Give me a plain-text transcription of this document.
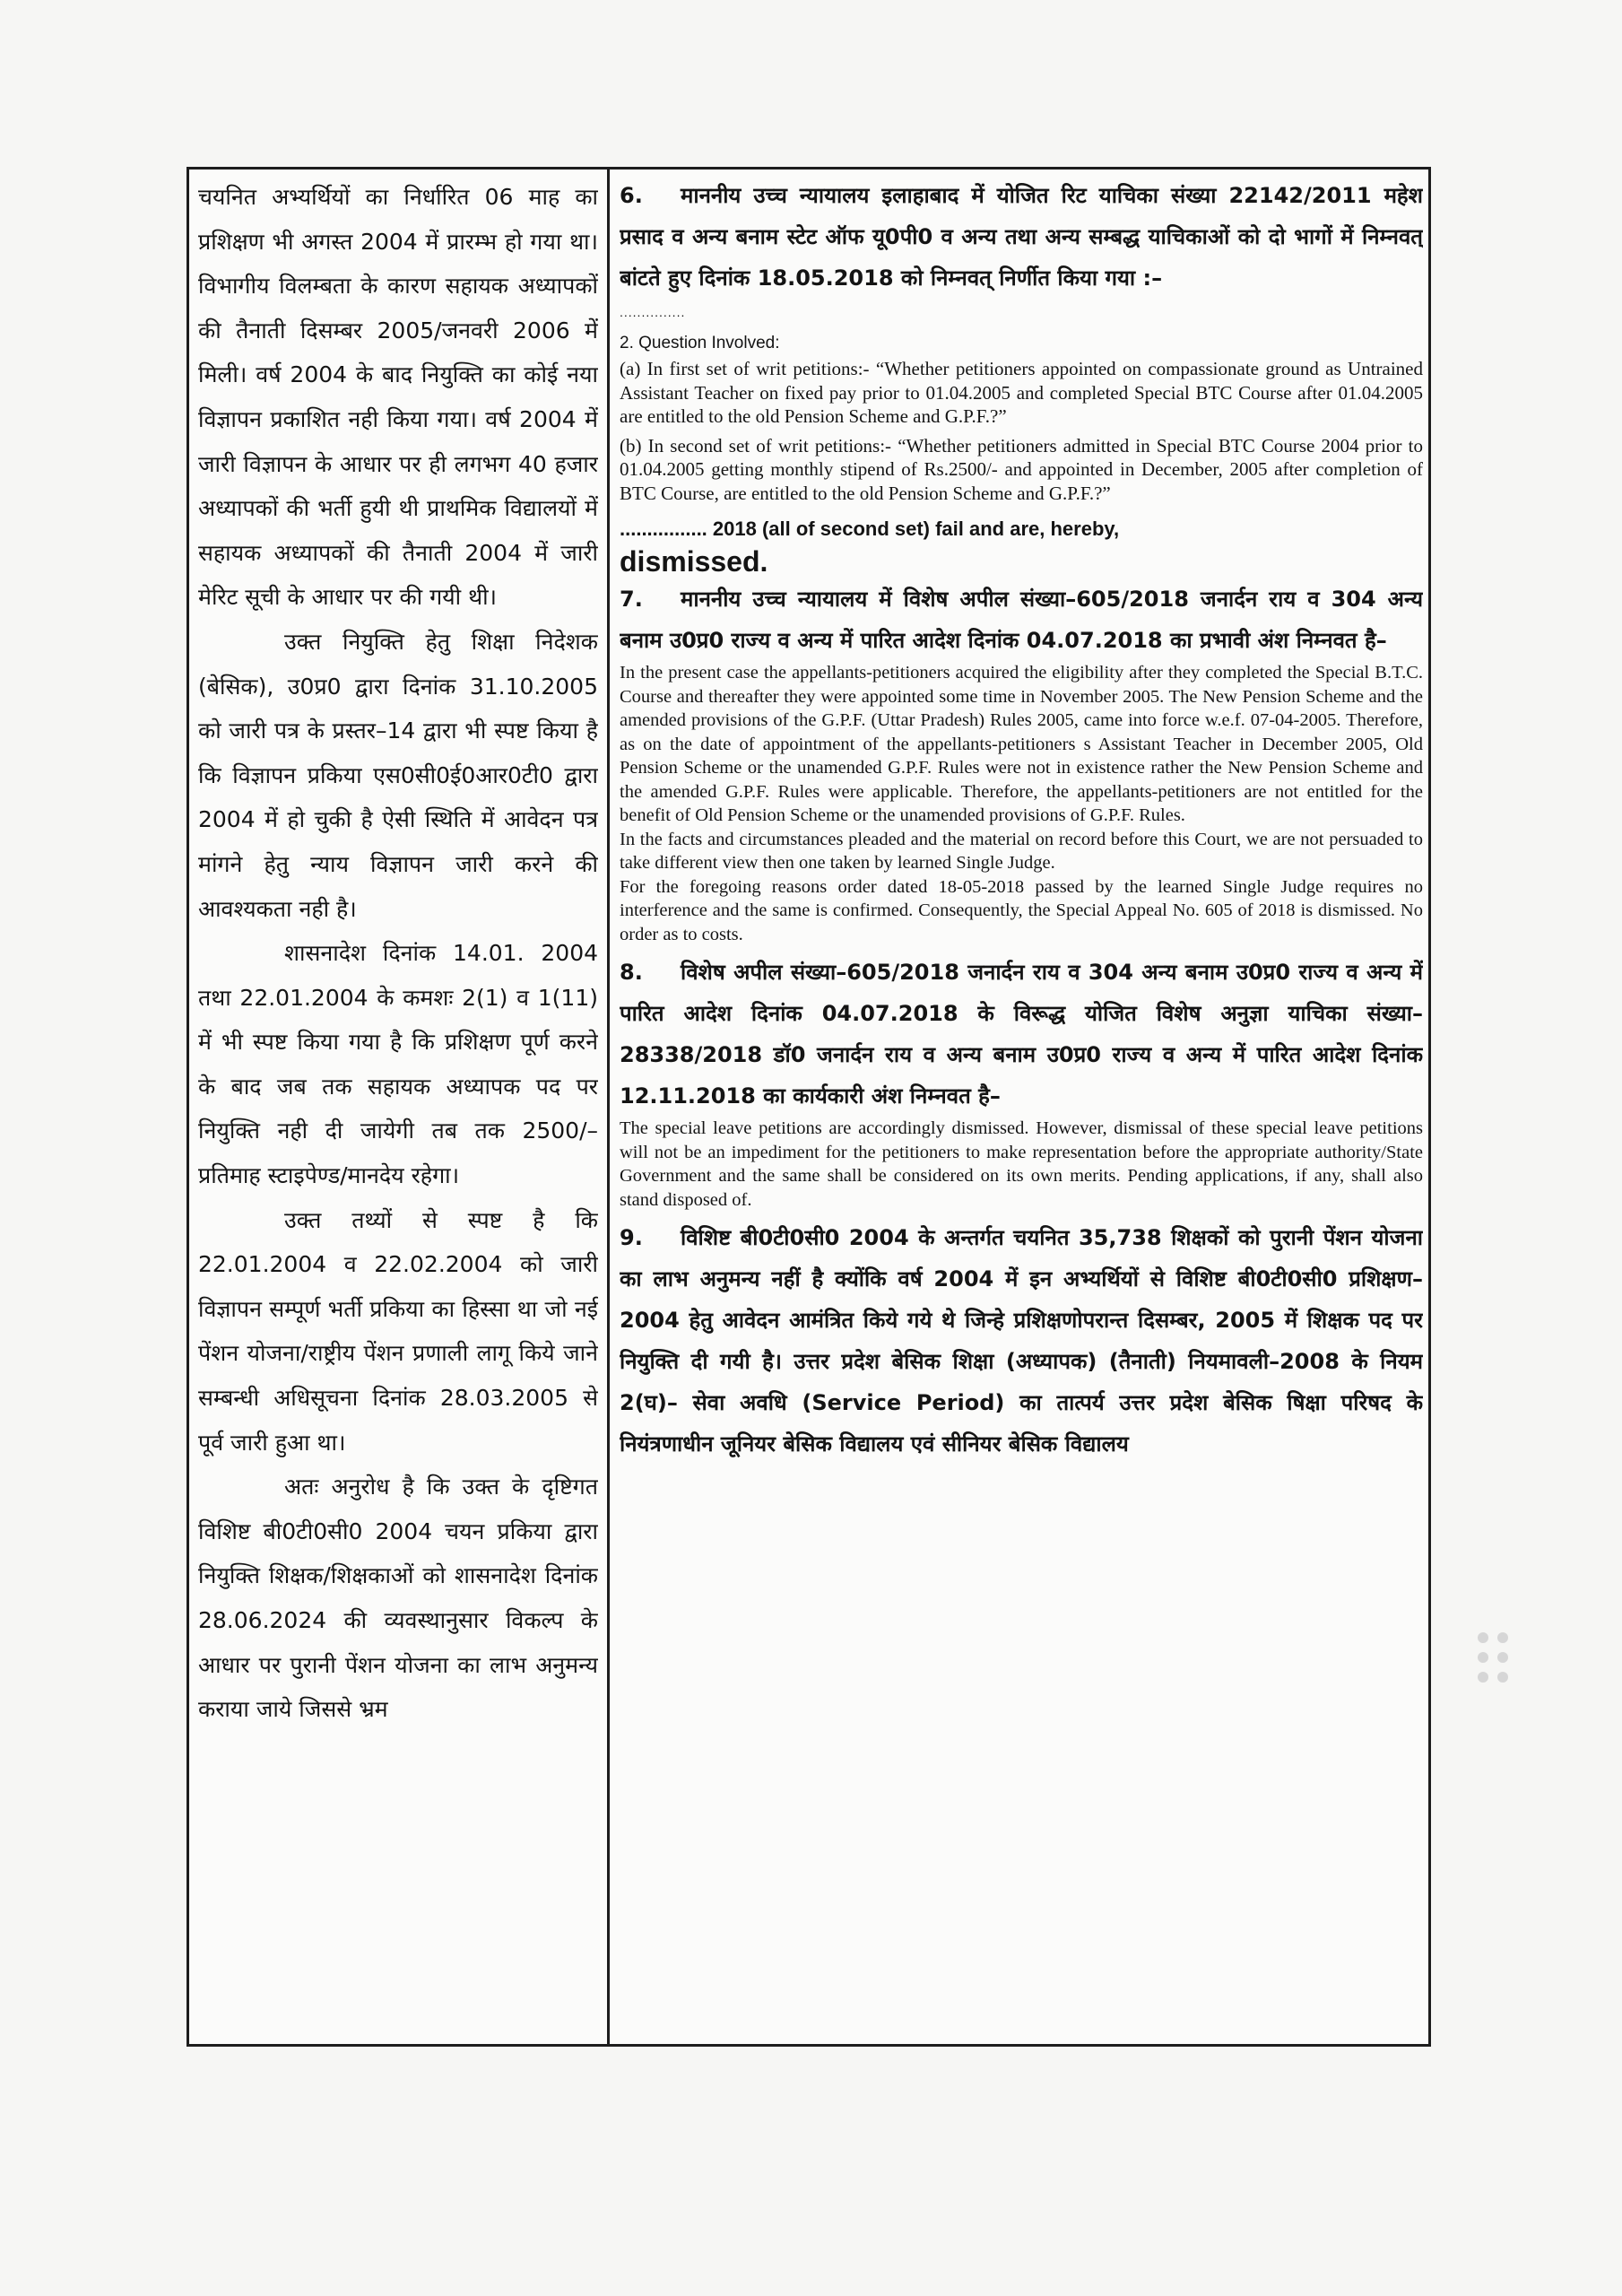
चयनित अभ्यर्थियों का निर्धारित 06 माह का प्रशिक्षण भी अगस्त 2004 में प्रारम्भ हो गया था। विभागीय विलम्बता के कारण सहायक अध्यापकों की तैनाती दिसम्बर 2005/जनवरी 2006 में मिली। वर्ष 2004 के बाद नियुक्ति का कोई नया विज्ञापन प्रकाशित नही किया गया। वर्ष 2004 में जारी विज्ञापन के आधार पर ही लगभग 40 हजार अध्यापकों की भर्ती हुयी थी प्राथमिक विद्यालयों में सहायक अध्यापकों की तैनाती 2004 में जारी मेरिट सूची के आधार पर की गयी थी।

उक्त नियुक्ति हेतु शिक्षा निदेशक (बेसिक), उ0प्र0 द्वारा दिनांक 31.10.2005 को जारी पत्र के प्रस्तर–14 द्वारा भी स्पष्ट किया है कि विज्ञापन प्रकिया एस0सी0ई0आर0टी0 द्वारा 2004 में हो चुकी है ऐसी स्थिति में आवेदन पत्र मांगने हेतु न्याय विज्ञापन जारी करने की आवश्यकता नही है।

शासनादेश दिनांक 14.01. 2004 तथा 22.01.2004 के कमशः 2(1) व 1(11) में भी स्पष्ट किया गया है कि प्रशिक्षण पूर्ण करने के बाद जब तक सहायक अध्यापक पद पर नियुक्ति नही दी जायेगी तब तक 2500/– प्रतिमाह स्टाइपेण्ड/मानदेय रहेगा।

उक्त तथ्यों से स्पष्ट है कि 22.01.2004 व 22.02.2004 को जारी विज्ञापन सम्पूर्ण भर्ती प्रकिया का हिस्सा था जो नई पेंशन योजना/राष्ट्रीय पेंशन प्रणाली लागू किये जाने सम्बन्धी अधिसूचना दिनांक 28.03.2005 से पूर्व जारी हुआ था।

अतः अनुरोध है कि उक्त के दृष्टिगत विशिष्ट बी0टी0सी0 2004 चयन प्रकिया द्वारा नियुक्ति शिक्षक/शिक्षकाओं को शासनादेश दिनांक 28.06.2024 की व्यवस्थानुसार विकल्प के आधार पर पुरानी पेंशन योजना का लाभ अनुमन्य कराया जाये जिससे भ्रम

6. माननीय उच्च न्यायालय इलाहाबाद में योजित रिट याचिका संख्या 22142/2011 महेश प्रसाद व अन्य बनाम स्टेट ऑफ यू0पी0 व अन्य तथा अन्य सम्बद्ध याचिकाओं को दो भागों में निम्नवत् बांटते हुए दिनांक 18.05.2018 को निम्नवत् निर्णीत किया गया :–

...............
2. Question Involved:

(a) In first set of writ petitions:- “Whether petitioners appointed on compassionate ground as Untrained Assistant Teacher on fixed pay prior to 01.04.2005 and completed Special BTC Course after 01.04.2005 are entitled to the old Pension Scheme and G.P.F.?”

(b) In second set of writ petitions:- “Whether petitioners admitted in Special BTC Course 2004 prior to 01.04.2005 getting monthly stipend of Rs.2500/- and appointed in December, 2005 after completion of BTC Course, are entitled to the old Pension Scheme and G.P.F.?”

................ 2018 (all of second set) fail and are, hereby,

dismissed.

7. माननीय उच्च न्यायालय में विशेष अपील संख्या–605/2018 जनार्दन राय व 304 अन्य बनाम उ0प्र0 राज्य व अन्य में पारित आदेश दिनांक 04.07.2018 का प्रभावी अंश निम्नवत है–

In the present case the appellants-petitioners acquired the eligibility after they completed the Special B.T.C. Course and thereafter they were appointed some time in November 2005. The New Pension Scheme and the amended provisions of the G.P.F. (Uttar Pradesh) Rules 2005, came into force w.e.f. 07-04-2005. Therefore, as on the date of appointment of the appellants-petitioners s Assistant Teacher in December 2005, Old Pension Scheme or the unamended G.P.F. Rules were not in existence rather the New Pension Scheme and the amended G.P.F. Rules were applicable. Therefore, the appellants-petitioners are not entitled for the benefit of Old Pension Scheme or the unamended provisions of G.P.F. Rules.

In the facts and circumstances pleaded and the material on record before this Court, we are not persuaded to take different view then one taken by learned Single Judge.

For the foregoing reasons order dated 18-05-2018 passed by the learned Single Judge requires no interference and the same is confirmed. Consequently, the Special Appeal No. 605 of 2018 is dismissed. No order as to costs.

8. विशेष अपील संख्या–605/2018 जनार्दन राय व 304 अन्य बनाम उ0प्र0 राज्य व अन्य में पारित आदेश दिनांक 04.07.2018 के विरूद्ध योजित विशेष अनुज्ञा याचिका संख्या–28338/2018 डॉ0 जनार्दन राय व अन्य बनाम उ0प्र0 राज्य व अन्य में पारित आदेश दिनांक 12.11.2018 का कार्यकारी अंश निम्नवत है–

The special leave petitions are accordingly dismissed. However, dismissal of these special leave petitions will not be an impediment for the petitioners to make representation before the appropriate authority/State Government and the same shall be considered on its own merits. Pending applications, if any, shall also stand disposed of.

9. विशिष्ट बी0टी0सी0 2004 के अन्तर्गत चयनित 35,738 शिक्षकों को पुरानी पेंशन योजना का लाभ अनुमन्य नहीं है क्योंकि वर्ष 2004 में इन अभ्यर्थियों से विशिष्ट बी0टी0सी0 प्रशिक्षण–2004 हेतु आवेदन आमंत्रित किये गये थे जिन्हे प्रशिक्षणोपरान्त दिसम्बर, 2005 में शिक्षक पद पर नियुक्ति दी गयी है। उत्तर प्रदेश बेसिक शिक्षा (अध्यापक) (तैनाती) नियमावली–2008 के नियम 2(घ)– सेवा अवधि (Service Period) का तात्पर्य उत्तर प्रदेश बेसिक षिक्षा परिषद के नियंत्रणाधीन जूनियर बेसिक विद्यालय एवं सीनियर बेसिक विद्यालय
